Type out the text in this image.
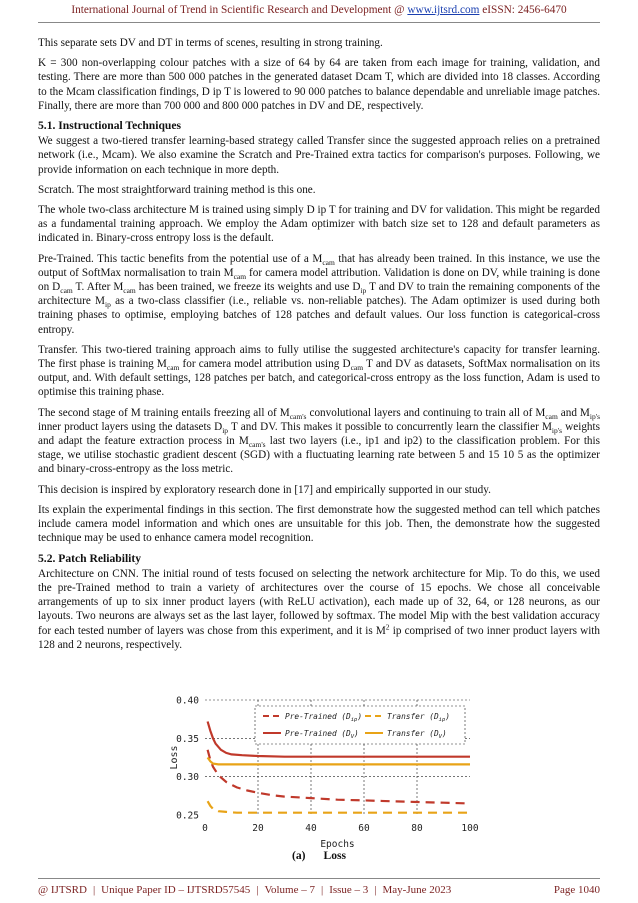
International Journal of Trend in Scientific Research and Development @ www.ijtsrd.com eISSN: 2456-6470

This separate sets DV and DT in terms of scenes, resulting in strong training.

K = 300 non-overlapping colour patches with a size of 64 by 64 are taken from each image for training, validation, and testing. There are more than 500 000 patches in the generated dataset Dcam T, which are divided into 18 classes. According to the Mcam classification findings, D ip T is lowered to 90 000 patches to balance dependable and unreliable image patches. Finally, there are more than 700 000 and 800 000 patches in DV and DE, respectively.

5.1. Instructional Techniques

We suggest a two-tiered transfer learning-based strategy called Transfer since the suggested approach relies on a pretrained network (i.e., Mcam). We also examine the Scratch and Pre-Trained extra tactics for comparison's purposes. Following, we provide information on each technique in more depth.

Scratch. The most straightforward training method is this one.

The whole two-class architecture M is trained using simply D ip T for training and DV for validation. This might be regarded as a fundamental training approach. We employ the Adam optimizer with batch size set to 128 and default parameters as indicated in. Binary-cross entropy loss is the default.

Pre-Trained. This tactic benefits from the potential use of a $M_{cam}$ that has already been trained. In this instance, we use the output of SoftMax normalisation to train $M_{cam}$ for camera model attribution. Validation is done on DV, while training is done on $D_{cam}$ T. After $M_{cam}$ has been trained, we freeze its weights and use $D_{ip}$ T and DV to train the remaining components of the architecture $M_{ip}$ as a two-class classifier (i.e., reliable vs. non-reliable patches). The Adam optimizer is used during both training phases to optimise, employing batches of 128 patches and default values. Our loss function is categorical-cross entropy.

Transfer. This two-tiered training approach aims to fully utilise the suggested architecture's capacity for transfer learning. The first phase is training $M_{cam}$ for camera model attribution using $D_{cam}$ T and DV as datasets, SoftMax normalisation on its output, and. With default settings, 128 patches per batch, and categorical-cross entropy as the loss function, Adam is used to optimise this training phase.

The second stage of M training entails freezing all of $M_{cam's}$ convolutional layers and continuing to train all of $M_{cam}$ and $M_{ip's}$ inner product layers using the datasets $D_{ip}$ T and DV. This makes it possible to concurrently learn the classifier $M_{ip's}$ weights and adapt the feature extraction process in $M_{cam's}$ last two layers (i.e., ip1 and ip2) to the classification problem. For this stage, we utilise stochastic gradient descent (SGD) with a fluctuating learning rate between 5 and 15 10 5 as the optimizer and binary-cross-entropy as the loss metric.

This decision is inspired by exploratory research done in [17] and empirically supported in our study.

Its explain the experimental findings in this section. The first demonstrate how the suggested method can tell which patches include camera model information and which ones are unsuitable for this job. Then, the demonstrate how the suggested technique may be used to enhance camera model recognition.

5.2. Patch Reliability

Architecture on CNN. The initial round of tests focused on selecting the network architecture for Mip. To do this, we used the pre-Trained method to train a variety of architectures over the course of 15 epochs. We chose all conceivable arrangements of up to six inner product layers (with ReLU activation), each made up of 32, 64, or 128 neurons, as our layouts. Two neurons are always set as the last layer, followed by softmax. The model Mip with the best validation accuracy for each tested number of layers was chose from this experiment, and it is $M^2$ ip comprised of two inner product layers with 128 and 2 neurons, respectively.

0.25
0.30
0.35
0.40
0	20	40	60	80	100
Epochs
Loss
Pre-Trained $(D_{ip})$	Transfer $(D_{ip})$
Pre-Trained $(D_V)$	Transfer $(D_V)$
(a) Loss
@ IJTSRD | Unique Paper ID – IJTSRD57545 | Volume – 7 | Issue – 3 | May-June 2023	Page 1040
